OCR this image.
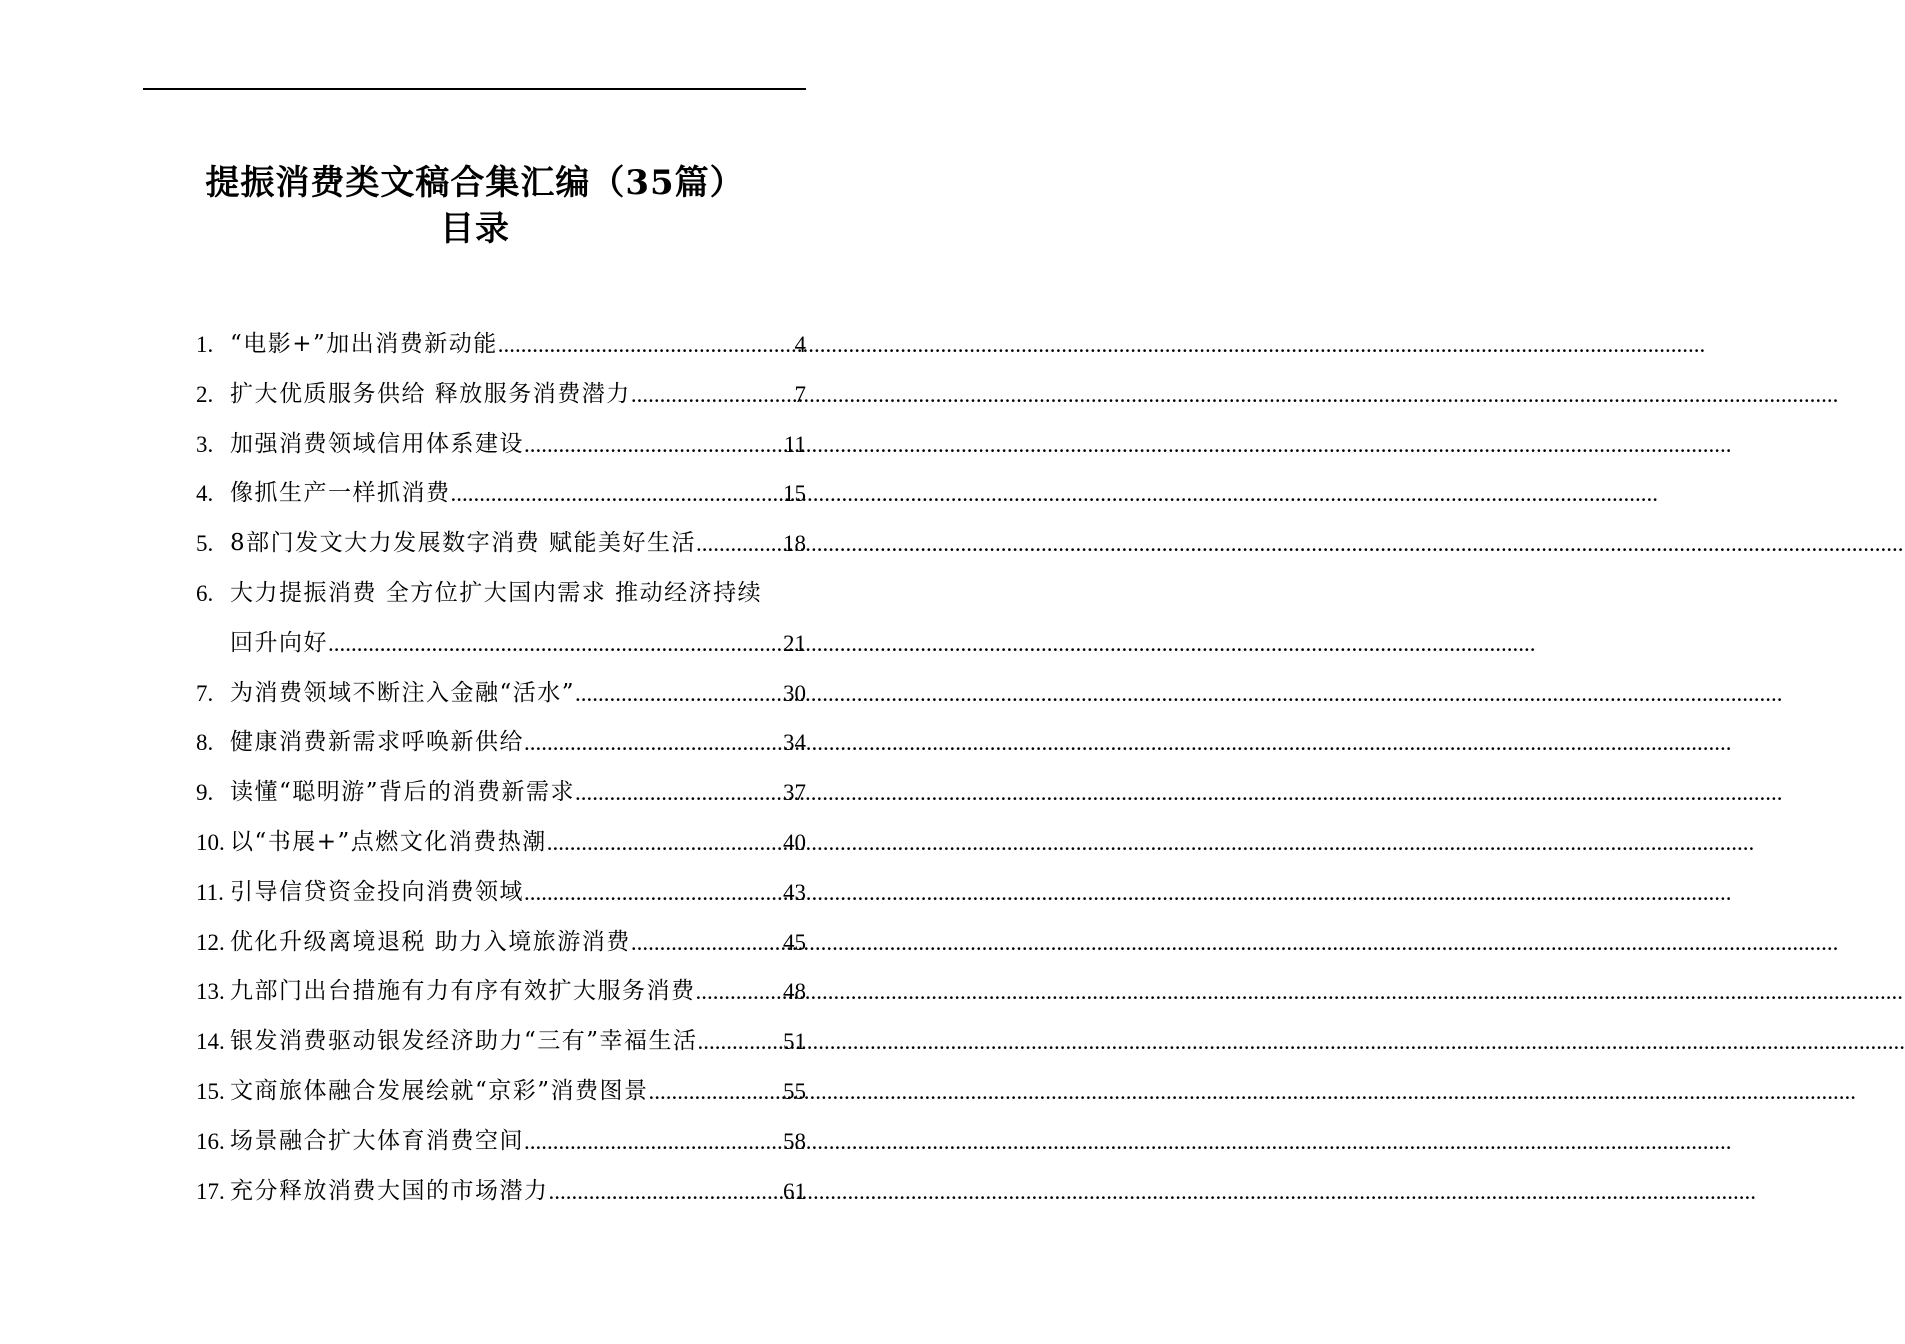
提振消费类文稿合集汇编（35篇）
目录
1. “电影+”加出消费新动能 .....	4
2. 扩大优质服务供给 释放服务消费潜力 .....	7
3. 加强消费领域信用体系建设 .....	11
4. 像抓生产一样抓消费 .....	15
5. 8部门发文大力发展数字消费 赋能美好生活 .....	18
6. 大力提振消费 全方位扩大国内需求 推动经济持续
回升向好 .....	21
7. 为消费领域不断注入金融“活水” .....	30
8. 健康消费新需求呼唤新供给 .....	34
9. 读懂“聪明游”背后的消费新需求 .....	37
10. 以“书展+”点燃文化消费热潮 .....	40
11. 引导信贷资金投向消费领域 .....	43
12. 优化升级离境退税 助力入境旅游消费 .....	45
13. 九部门出台措施有力有序有效扩大服务消费 .....	48
14. 银发消费驱动银发经济助力“三有”幸福生活 .....	51
15. 文商旅体融合发展绘就“京彩”消费图景 .....	55
16. 场景融合扩大体育消费空间 .....	58
17. 充分释放消费大国的市场潜力 .....	61
